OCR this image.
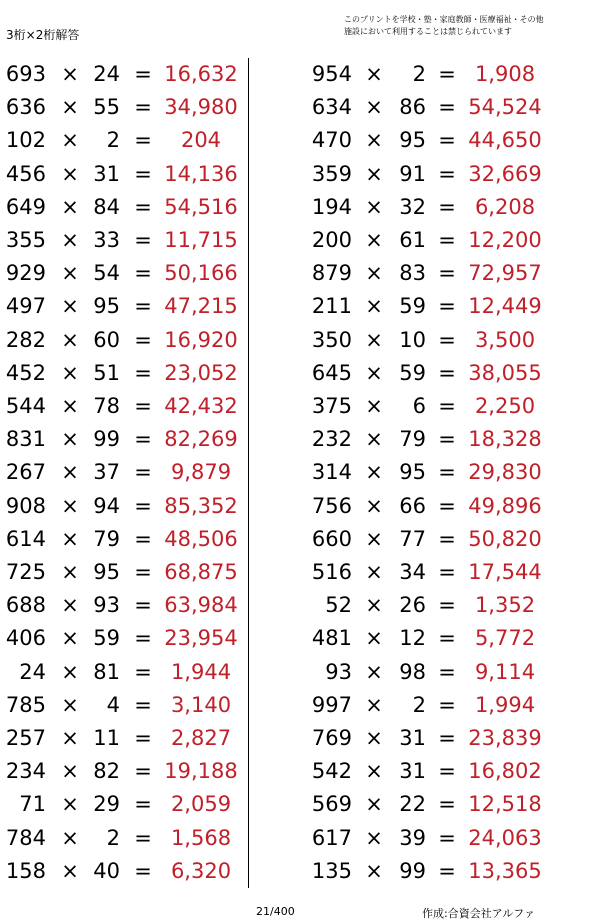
3桁×2桁解答
このプリントを学校・塾・家庭教師・医療福祉・その他
施設において利用することは禁じられています
693 × 24 = 16,632
636 × 55 = 34,980
102 ×	2 =	204
456 × 31 = 14,136
649 × 84 = 54,516
355 × 33 = 11,715
929 × 54 = 50,166
497 × 95 = 47,215
282 × 60 = 16,920
452 × 51 = 23,052
544 × 78 = 42,432
831 × 99 = 82,269
267 × 37 = 9,879
908 × 94 = 85,352
614 × 79 = 48,506
725 × 95 = 68,875
688 × 93 = 63,984
406 × 59 = 23,954
24 × 81 = 1,944
785 ×	4 = 3,140
257 × 11 = 2,827
234 × 82 = 19,188
71 × 29 = 2,059
784 ×	2 = 1,568
158 × 40 = 6,320
954 ×	2 = 1,908
634 × 86 = 54,524
470 × 95 = 44,650
359 × 91 = 32,669
194 × 32 = 6,208
200 × 61 = 12,200
879 × 83 = 72,957
211 × 59 = 12,449
350 × 10 = 3,500
645 × 59 = 38,055
375 ×	6 = 2,250
232 × 79 = 18,328
314 × 95 = 29,830
756 × 66 = 49,896
660 × 77 = 50,820
516 × 34 = 17,544
52 × 26 = 1,352
481 × 12 = 5,772
93 × 98 = 9,114
997 ×	2 = 1,994
769 × 31 = 23,839
542 × 31 = 16,802
569 × 22 = 12,518
617 × 39 = 24,063
135 × 99 = 13,365
21/400	作成:合資会社アルファ
